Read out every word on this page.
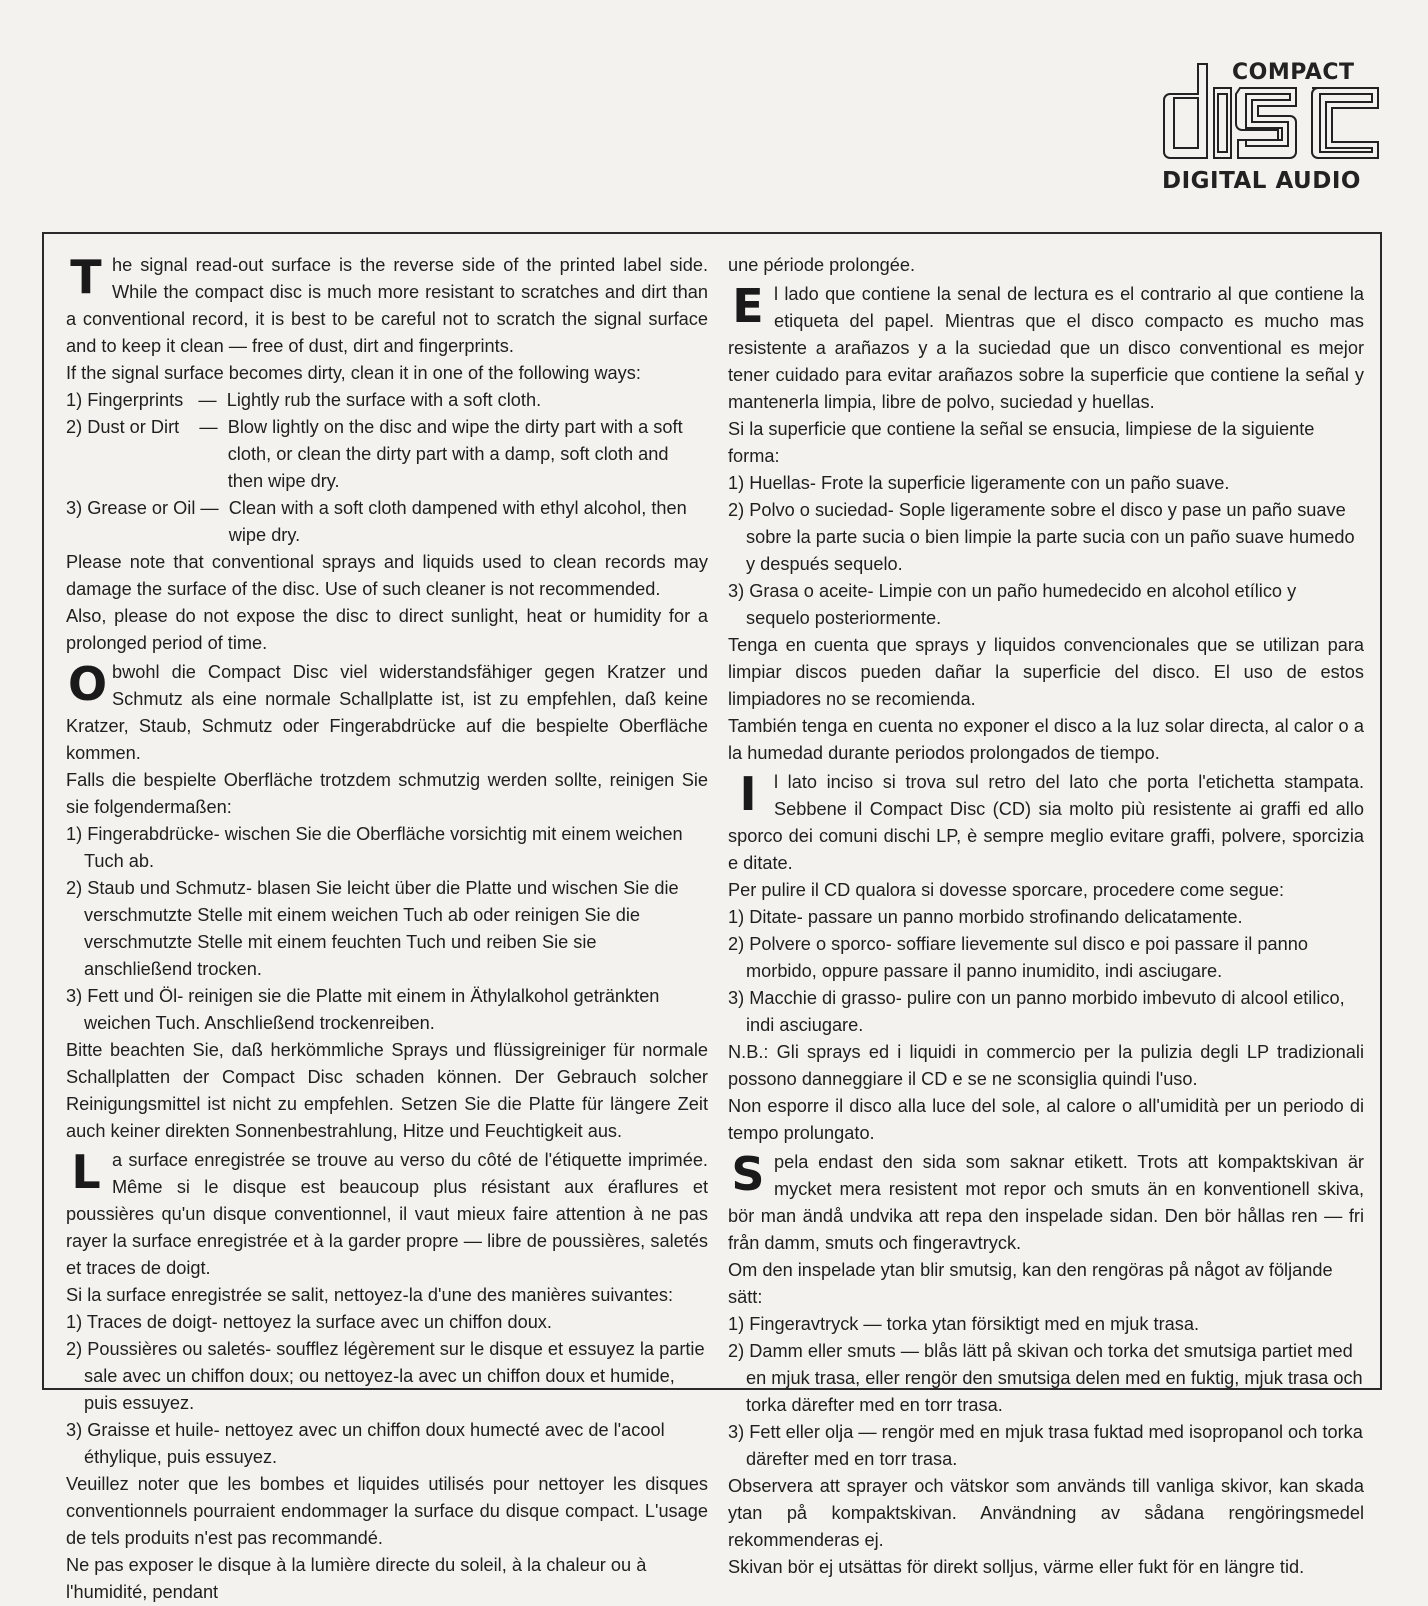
COMPACT
DIGITAL AUDIO
T he signal read-out surface is the reverse side of the printed label side. While the compact disc is much more resistant to scratches and dirt than a conventional record, it is best to be careful not to scratch the signal surface and to keep it clean — free of dust, dirt and fingerprints.

If the signal surface becomes dirty, clean it in one of the following ways:

1) Fingerprints   — Lightly rub the surface with a soft cloth.
2) Dust or Dirt    — Blow lightly on the disc and wipe the dirty part with a soft cloth, or clean the dirty part with a damp, soft cloth and then wipe dry.
3) Grease or Oil — Clean with a soft cloth dampened with ethyl alcohol, then wipe dry.

Please note that conventional sprays and liquids used to clean records may damage the surface of the disc. Use of such cleaner is not recommended.

Also, please do not expose the disc to direct sunlight, heat or humidity for a prolonged period of time.

O bwohl die Compact Disc viel widerstandsfähiger gegen Kratzer und Schmutz als eine normale Schallplatte ist, ist zu empfehlen, daß keine Kratzer, Staub, Schmutz oder Fingerabdrücke auf die bespielte Oberfläche kommen.

Falls die bespielte Oberfläche trotzdem schmutzig werden sollte, reinigen Sie sie folgendermaßen:

1) Fingerabdrücke- wischen Sie die Oberfläche vorsichtig mit einem weichen Tuch ab.

2) Staub und Schmutz- blasen Sie leicht über die Platte und wischen Sie die verschmutzte Stelle mit einem weichen Tuch ab oder reinigen Sie die verschmutzte Stelle mit einem feuchten Tuch und reiben Sie sie anschließend trocken.

3) Fett und Öl- reinigen sie die Platte mit einem in Äthylalkohol getränkten weichen Tuch. Anschließend trockenreiben.

Bitte beachten Sie, daß herkömmliche Sprays und flüssigreiniger für normale Schallplatten der Compact Disc schaden können. Der Gebrauch solcher Reinigungsmittel ist nicht zu empfehlen. Setzen Sie die Platte für längere Zeit auch keiner direkten Sonnenbestrahlung, Hitze und Feuchtigkeit aus.

L a surface enregistrée se trouve au verso du côté de l'étiquette imprimée. Même si le disque est beaucoup plus résistant aux éraflures et poussières qu'un disque conventionnel, il vaut mieux faire attention à ne pas rayer la surface enregistrée et à la garder propre — libre de poussières, saletés et traces de doigt.

Si la surface enregistrée se salit, nettoyez-la d'une des manières suivantes:

1) Traces de doigt- nettoyez la surface avec un chiffon doux.

2) Poussières ou saletés- soufflez légèrement sur le disque et essuyez la partie sale avec un chiffon doux; ou nettoyez-la avec un chiffon doux et humide, puis essuyez.

3) Graisse et huile- nettoyez avec un chiffon doux humecté avec de l'acool éthylique, puis essuyez.

Veuillez noter que les bombes et liquides utilisés pour nettoyer les disques conventionnels pourraient endommager la surface du disque compact. L'usage de tels produits n'est pas recommandé.

Ne pas exposer le disque à la lumière directe du soleil, à la chaleur ou à l'humidité, pendant

une période prolongée.

E l lado que contiene la senal de lectura es el contrario al que contiene la etiqueta del papel. Mientras que el disco compacto es mucho mas resistente a arañazos y a la suciedad que un disco conventional es mejor tener cuidado para evitar arañazos sobre la superficie que contiene la señal y mantenerla limpia, libre de polvo, suciedad y huellas.

Si la superficie que contiene la señal se ensucia, limpiese de la siguiente forma:

1) Huellas- Frote la superficie ligeramente con un paño suave.

2) Polvo o suciedad- Sople ligeramente sobre el disco y pase un paño suave sobre la parte sucia o bien limpie la parte sucia con un paño suave humedo y después sequelo.

3) Grasa o aceite- Limpie con un paño humedecido en alcohol etílico y sequelo posteriormente.

Tenga en cuenta que sprays y liquidos convencionales que se utilizan para limpiar discos pueden dañar la superficie del disco. El uso de estos limpiadores no se recomienda.

También tenga en cuenta no exponer el disco a la luz solar directa, al calor o a la humedad durante periodos prolongados de tiempo.

I l lato inciso si trova sul retro del lato che porta l'etichetta stampata. Sebbene il Compact Disc (CD) sia molto più resistente ai graffi ed allo sporco dei comuni dischi LP, è sempre meglio evitare graffi, polvere, sporcizia e ditate.

Per pulire il CD qualora si dovesse sporcare, procedere come segue:

1) Ditate- passare un panno morbido strofinando delicatamente.

2) Polvere o sporco- soffiare lievemente sul disco e poi passare il panno morbido, oppure passare il panno inumidito, indi asciugare.

3) Macchie di grasso- pulire con un panno morbido imbevuto di alcool etilico, indi asciugare.

N.B.: Gli sprays ed i liquidi in commercio per la pulizia degli LP tradizionali possono danneggiare il CD e se ne sconsiglia quindi l'uso.

Non esporre il disco alla luce del sole, al calore o all'umidità per un periodo di tempo prolungato.

S pela endast den sida som saknar etikett. Trots att kompaktskivan är mycket mera resistent mot repor och smuts än en konventionell skiva, bör man ändå undvika att repa den inspelade sidan. Den bör hållas ren — fri från damm, smuts och fingeravtryck.

Om den inspelade ytan blir smutsig, kan den rengöras på något av följande sätt:

1) Fingeravtryck — torka ytan försiktigt med en mjuk trasa.

2) Damm eller smuts — blås lätt på skivan och torka det smutsiga partiet med en mjuk trasa, eller rengör den smutsiga delen med en fuktig, mjuk trasa och torka därefter med en torr trasa.

3) Fett eller olja — rengör med en mjuk trasa fuktad med isopropanol och torka därefter med en torr trasa.

Observera att sprayer och vätskor som används till vanliga skivor, kan skada ytan på kompaktskivan. Användning av sådana rengöringsmedel rekommenderas ej.

Skivan bör ej utsättas för direkt solljus, värme eller fukt för en längre tid.
